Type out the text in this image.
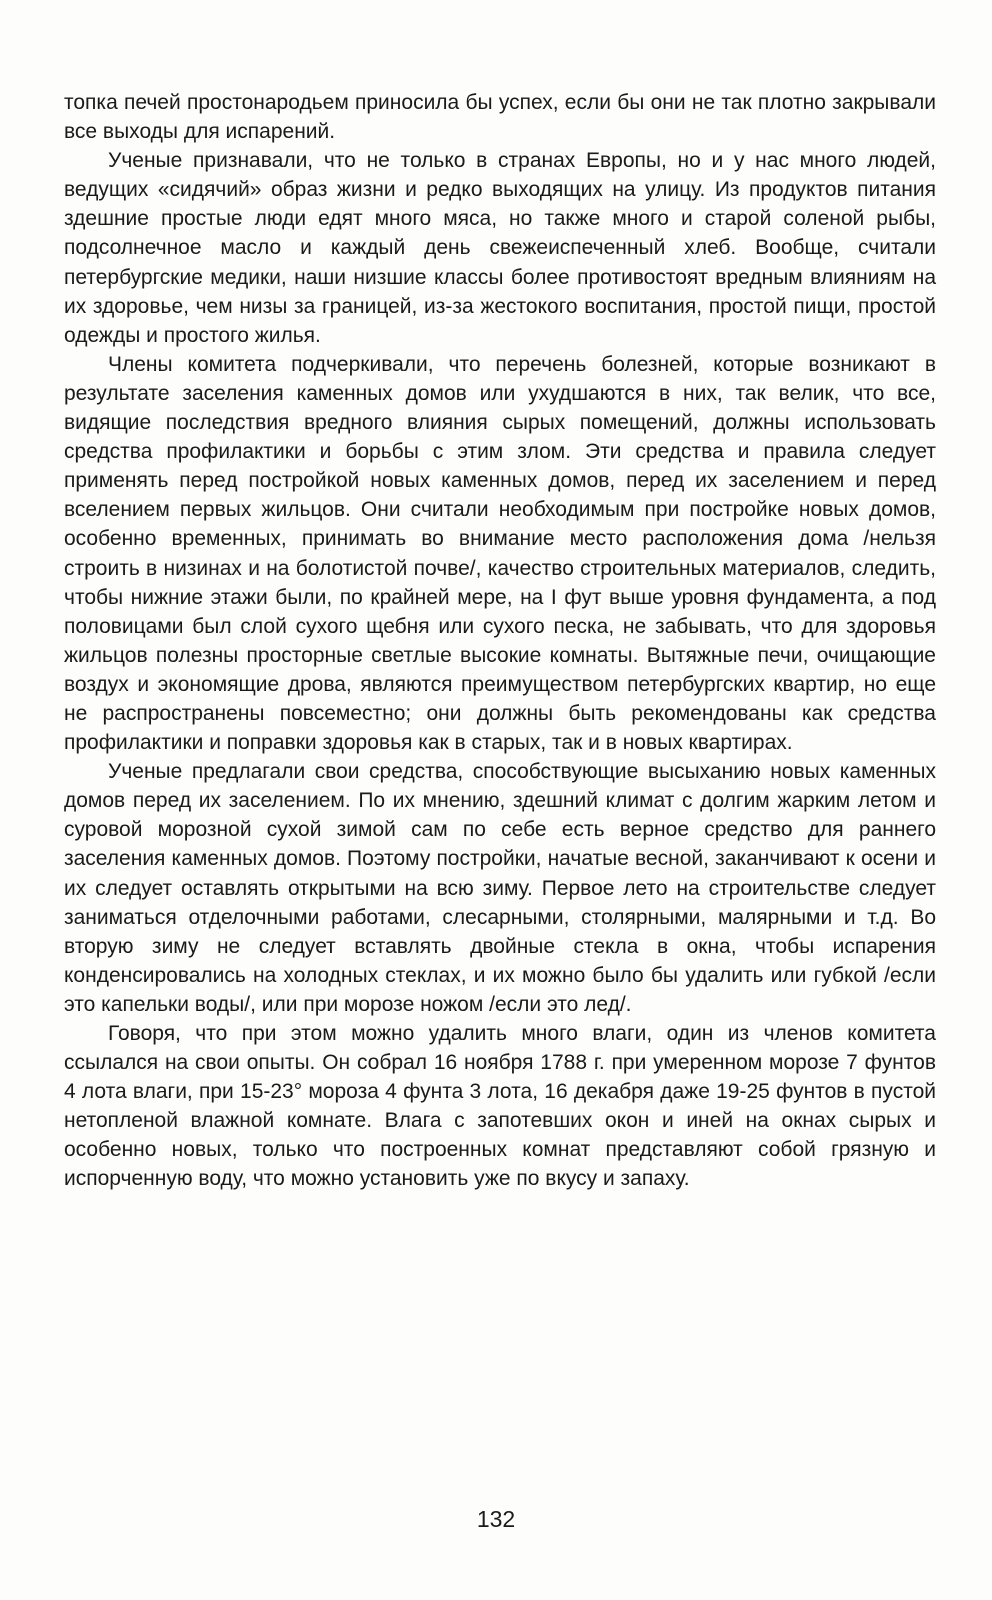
топка печей простонародьем приносила бы успех, если бы они не так плотно закрывали все выходы для испарений.

Ученые признавали, что не только в странах Европы, но и у нас много людей, ведущих «сидячий» образ жизни и редко выходящих на улицу. Из продуктов питания здешние простые люди едят много мяса, но также много и старой соленой рыбы, подсолнечное масло и каждый день свежеиспеченный хлеб. Вообще, считали петербургские медики, наши низшие классы более противостоят вредным влияниям на их здоровье, чем низы за границей, из-за жестокого воспитания, простой пищи, простой одежды и простого жилья.

Члены комитета подчеркивали, что перечень болезней, которые возникают в результате заселения каменных домов или ухудшаются в них, так велик, что все, видящие последствия вредного влияния сырых помещений, должны использовать средства профилактики и борьбы с этим злом. Эти средства и правила следует применять перед постройкой новых каменных домов, перед их заселением и перед вселением первых жильцов. Они считали необходимым при постройке новых домов, особенно временных, принимать во внимание место расположения дома /нельзя строить в низинах и на болотистой почве/, качество строительных материалов, следить, чтобы нижние этажи были, по крайней мере, на I фут выше уровня фундамента, а под половицами был слой сухого щебня или сухого песка, не забывать, что для здоровья жильцов полезны просторные светлые высокие комнаты. Вытяжные печи, очищающие воздух и экономящие дрова, являются преимуществом петербургских квартир, но еще не распространены повсеместно; они должны быть рекомендованы как средства профилактики и поправки здоровья как в старых, так и в новых квартирах.

Ученые предлагали свои средства, способствующие высыханию новых каменных домов перед их заселением. По их мнению, здешний климат с долгим жарким летом и суровой морозной сухой зимой сам по себе есть верное средство для раннего заселения каменных домов. Поэтому постройки, начатые весной, заканчивают к осени и их следует оставлять открытыми на всю зиму. Первое лето на строительстве следует заниматься отделочными работами, слесарными, столярными, малярными и т.д. Во вторую зиму не следует вставлять двойные стекла в окна, чтобы испарения конденсировались на холодных стеклах, и их можно было бы удалить или губкой /если это капельки воды/, или при морозе ножом /если это лед/.

Говоря, что при этом можно удалить много влаги, один из членов комитета ссылался на свои опыты. Он собрал 16 ноября 1788 г. при умеренном морозе 7 фунтов 4 лота влаги, при 15-23° мороза 4 фунта 3 лота, 16 декабря даже 19-25 фунтов в пустой нетопленой влажной комнате. Влага с запотевших окон и иней на окнах сырых и особенно новых, только что построенных комнат представляют собой грязную и испорченную воду, что можно установить уже по вкусу и запаху.

132
